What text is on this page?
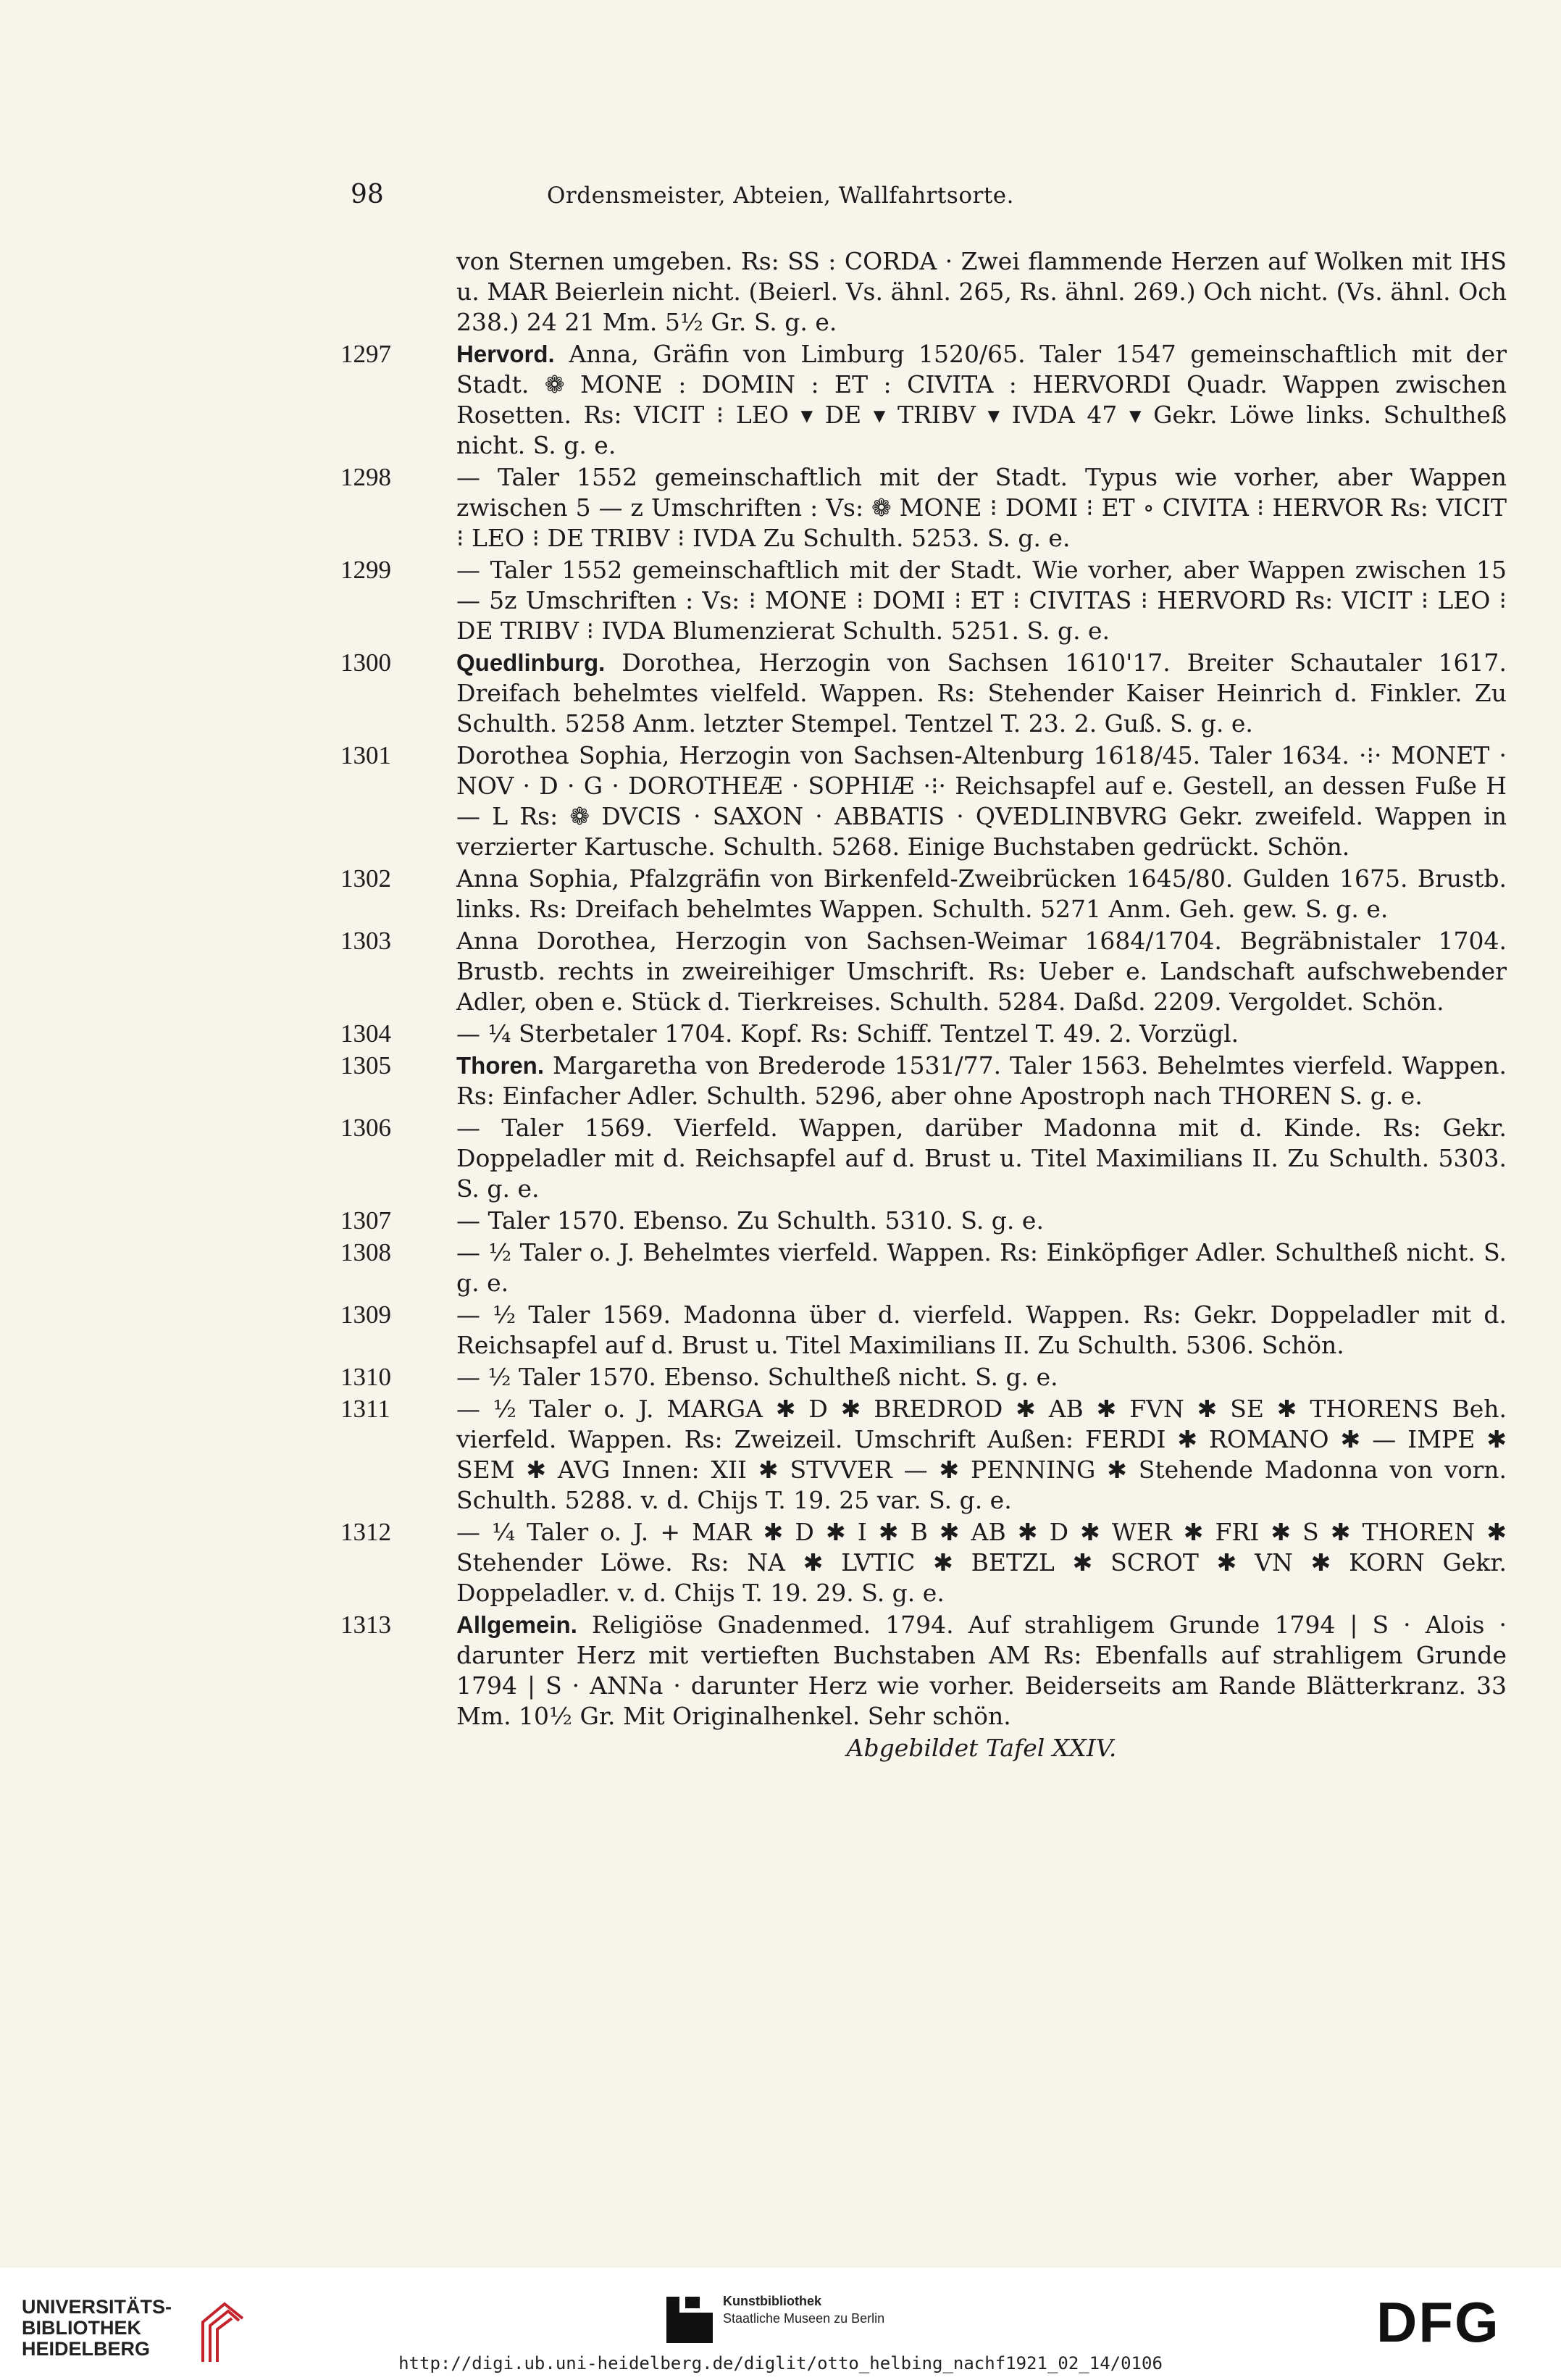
98	Ordensmeister, Abteien, Wallfahrtsorte.
von Sternen umgeben. Rs: SS : CORDA · Zwei flammende Herzen auf Wolken mit IHS u. MAR Beierlein nicht. (Beierl. Vs. ähnl. 265, Rs. ähnl. 269.) Och nicht. (Vs. ähnl. Och 238.) 24 21 Mm. 5½ Gr. S. g. e.
1297	Hervord. Anna, Gräfin von Limburg 1520/65. Taler 1547 gemeinschaftlich mit der Stadt. ❁ MONE : DOMIN : ET : CIVITA : HERVORDI Quadr. Wappen zwischen Rosetten. Rs: VICIT ⁝ LEO ▾ DE ▾ TRIBV ▾ IVDA 47 ▾ Gekr. Löwe links. Schultheß nicht. S. g. e.
1298	— Taler 1552 gemeinschaftlich mit der Stadt. Typus wie vorher, aber Wappen zwischen 5 — z Umschriften : Vs: ❁ MONE ⁝ DOMI ⁝ ET ∘ CIVITA ⁝ HERVOR Rs: VICIT ⁝ LEO ⁝ DE TRIBV ⁝ IVDA Zu Schulth. 5253. S. g. e.
1299	— Taler 1552 gemeinschaftlich mit der Stadt. Wie vorher, aber Wappen zwischen 15 — 5z Umschriften : Vs: ⁝ MONE ⁝ DOMI ⁝ ET ⁝ CIVITAS ⁝ HERVORD Rs: VICIT ⁝ LEO ⁝ DE TRIBV ⁝ IVDA Blumenzierat Schulth. 5251. S. g. e.
1300	Quedlinburg. Dorothea, Herzogin von Sachsen 1610'17. Breiter Schautaler 1617. Dreifach behelmtes vielfeld. Wappen. Rs: Stehender Kaiser Heinrich d. Finkler. Zu Schulth. 5258 Anm. letzter Stempel. Tentzel T. 23. 2. Guß. S. g. e.
1301	Dorothea Sophia, Herzogin von Sachsen-Altenburg 1618/45. Taler 1634. ·⁝· MONET · NOV · D · G · DOROTHEÆ · SOPHIÆ ·⁝· Reichsapfel auf e. Gestell, an dessen Fuße H — L Rs: ❁ DVCIS · SAXON · ABBATIS · QVEDLINBVRG Gekr. zweifeld. Wappen in verzierter Kartusche. Schulth. 5268. Einige Buchstaben gedrückt. Schön.
1302	Anna Sophia, Pfalzgräfin von Birkenfeld-Zweibrücken 1645/80. Gulden 1675. Brustb. links. Rs: Dreifach behelmtes Wappen. Schulth. 5271 Anm. Geh. gew. S. g. e.
1303	Anna Dorothea, Herzogin von Sachsen-Weimar 1684/1704. Begräbnistaler 1704. Brustb. rechts in zweireihiger Umschrift. Rs: Ueber e. Landschaft aufschwebender Adler, oben e. Stück d. Tierkreises. Schulth. 5284. Daßd. 2209. Vergoldet. Schön.
1304	— ¼ Sterbetaler 1704. Kopf. Rs: Schiff. Tentzel T. 49. 2. Vorzügl.
1305	Thoren. Margaretha von Brederode 1531/77. Taler 1563. Behelmtes vierfeld. Wappen. Rs: Einfacher Adler. Schulth. 5296, aber ohne Apostroph nach THOREN S. g. e.
1306	— Taler 1569. Vierfeld. Wappen, darüber Madonna mit d. Kinde. Rs: Gekr. Doppeladler mit d. Reichsapfel auf d. Brust u. Titel Maximilians II. Zu Schulth. 5303. S. g. e.
1307	— Taler 1570. Ebenso. Zu Schulth. 5310. S. g. e.
1308	— ½ Taler o. J. Behelmtes vierfeld. Wappen. Rs: Einköpfiger Adler. Schultheß nicht. S. g. e.
1309	— ½ Taler 1569. Madonna über d. vierfeld. Wappen. Rs: Gekr. Doppeladler mit d. Reichsapfel auf d. Brust u. Titel Maximilians II. Zu Schulth. 5306. Schön.
1310	— ½ Taler 1570. Ebenso. Schultheß nicht. S. g. e.
1311	— ½ Taler o. J. MARGA ✱ D ✱ BREDROD ✱ AB ✱ FVN ✱ SE ✱ THORENS Beh. vierfeld. Wappen. Rs: Zweizeil. Umschrift Außen: FERDI ✱ ROMANO ✱ — IMPE ✱ SEM ✱ AVG Innen: XII ✱ STVVER — ✱ PENNING ✱ Stehende Madonna von vorn. Schulth. 5288. v. d. Chijs T. 19. 25 var. S. g. e.
1312	— ¼ Taler o. J. + MAR ✱ D ✱ I ✱ B ✱ AB ✱ D ✱ WER ✱ FRI ✱ S ✱ THOREN ✱ Stehender Löwe. Rs: NA ✱ LVTIC ✱ BETZL ✱ SCROT ✱ VN ✱ KORN Gekr. Doppeladler. v. d. Chijs T. 19. 29. S. g. e.
1313	Allgemein. Religiöse Gnadenmed. 1794. Auf strahligem Grunde 1794 | S · Alois · darunter Herz mit vertieften Buchstaben AM Rs: Ebenfalls auf strahligem Grunde 1794 | S · ANNa · darunter Herz wie vorher. Beiderseits am Rande Blätterkranz. 33 Mm. 10½ Gr. Mit Originalhenkel. Sehr schön.
Abgebildet Tafel XXIV.
UNIVERSITÄTS-
BIBLIOTHEK
HEIDELBERG
Kunstbibliothek
Staatliche Museen zu Berlin	DFG
http://digi.ub.uni-heidelberg.de/diglit/otto_helbing_nachf1921_02_14/0106
